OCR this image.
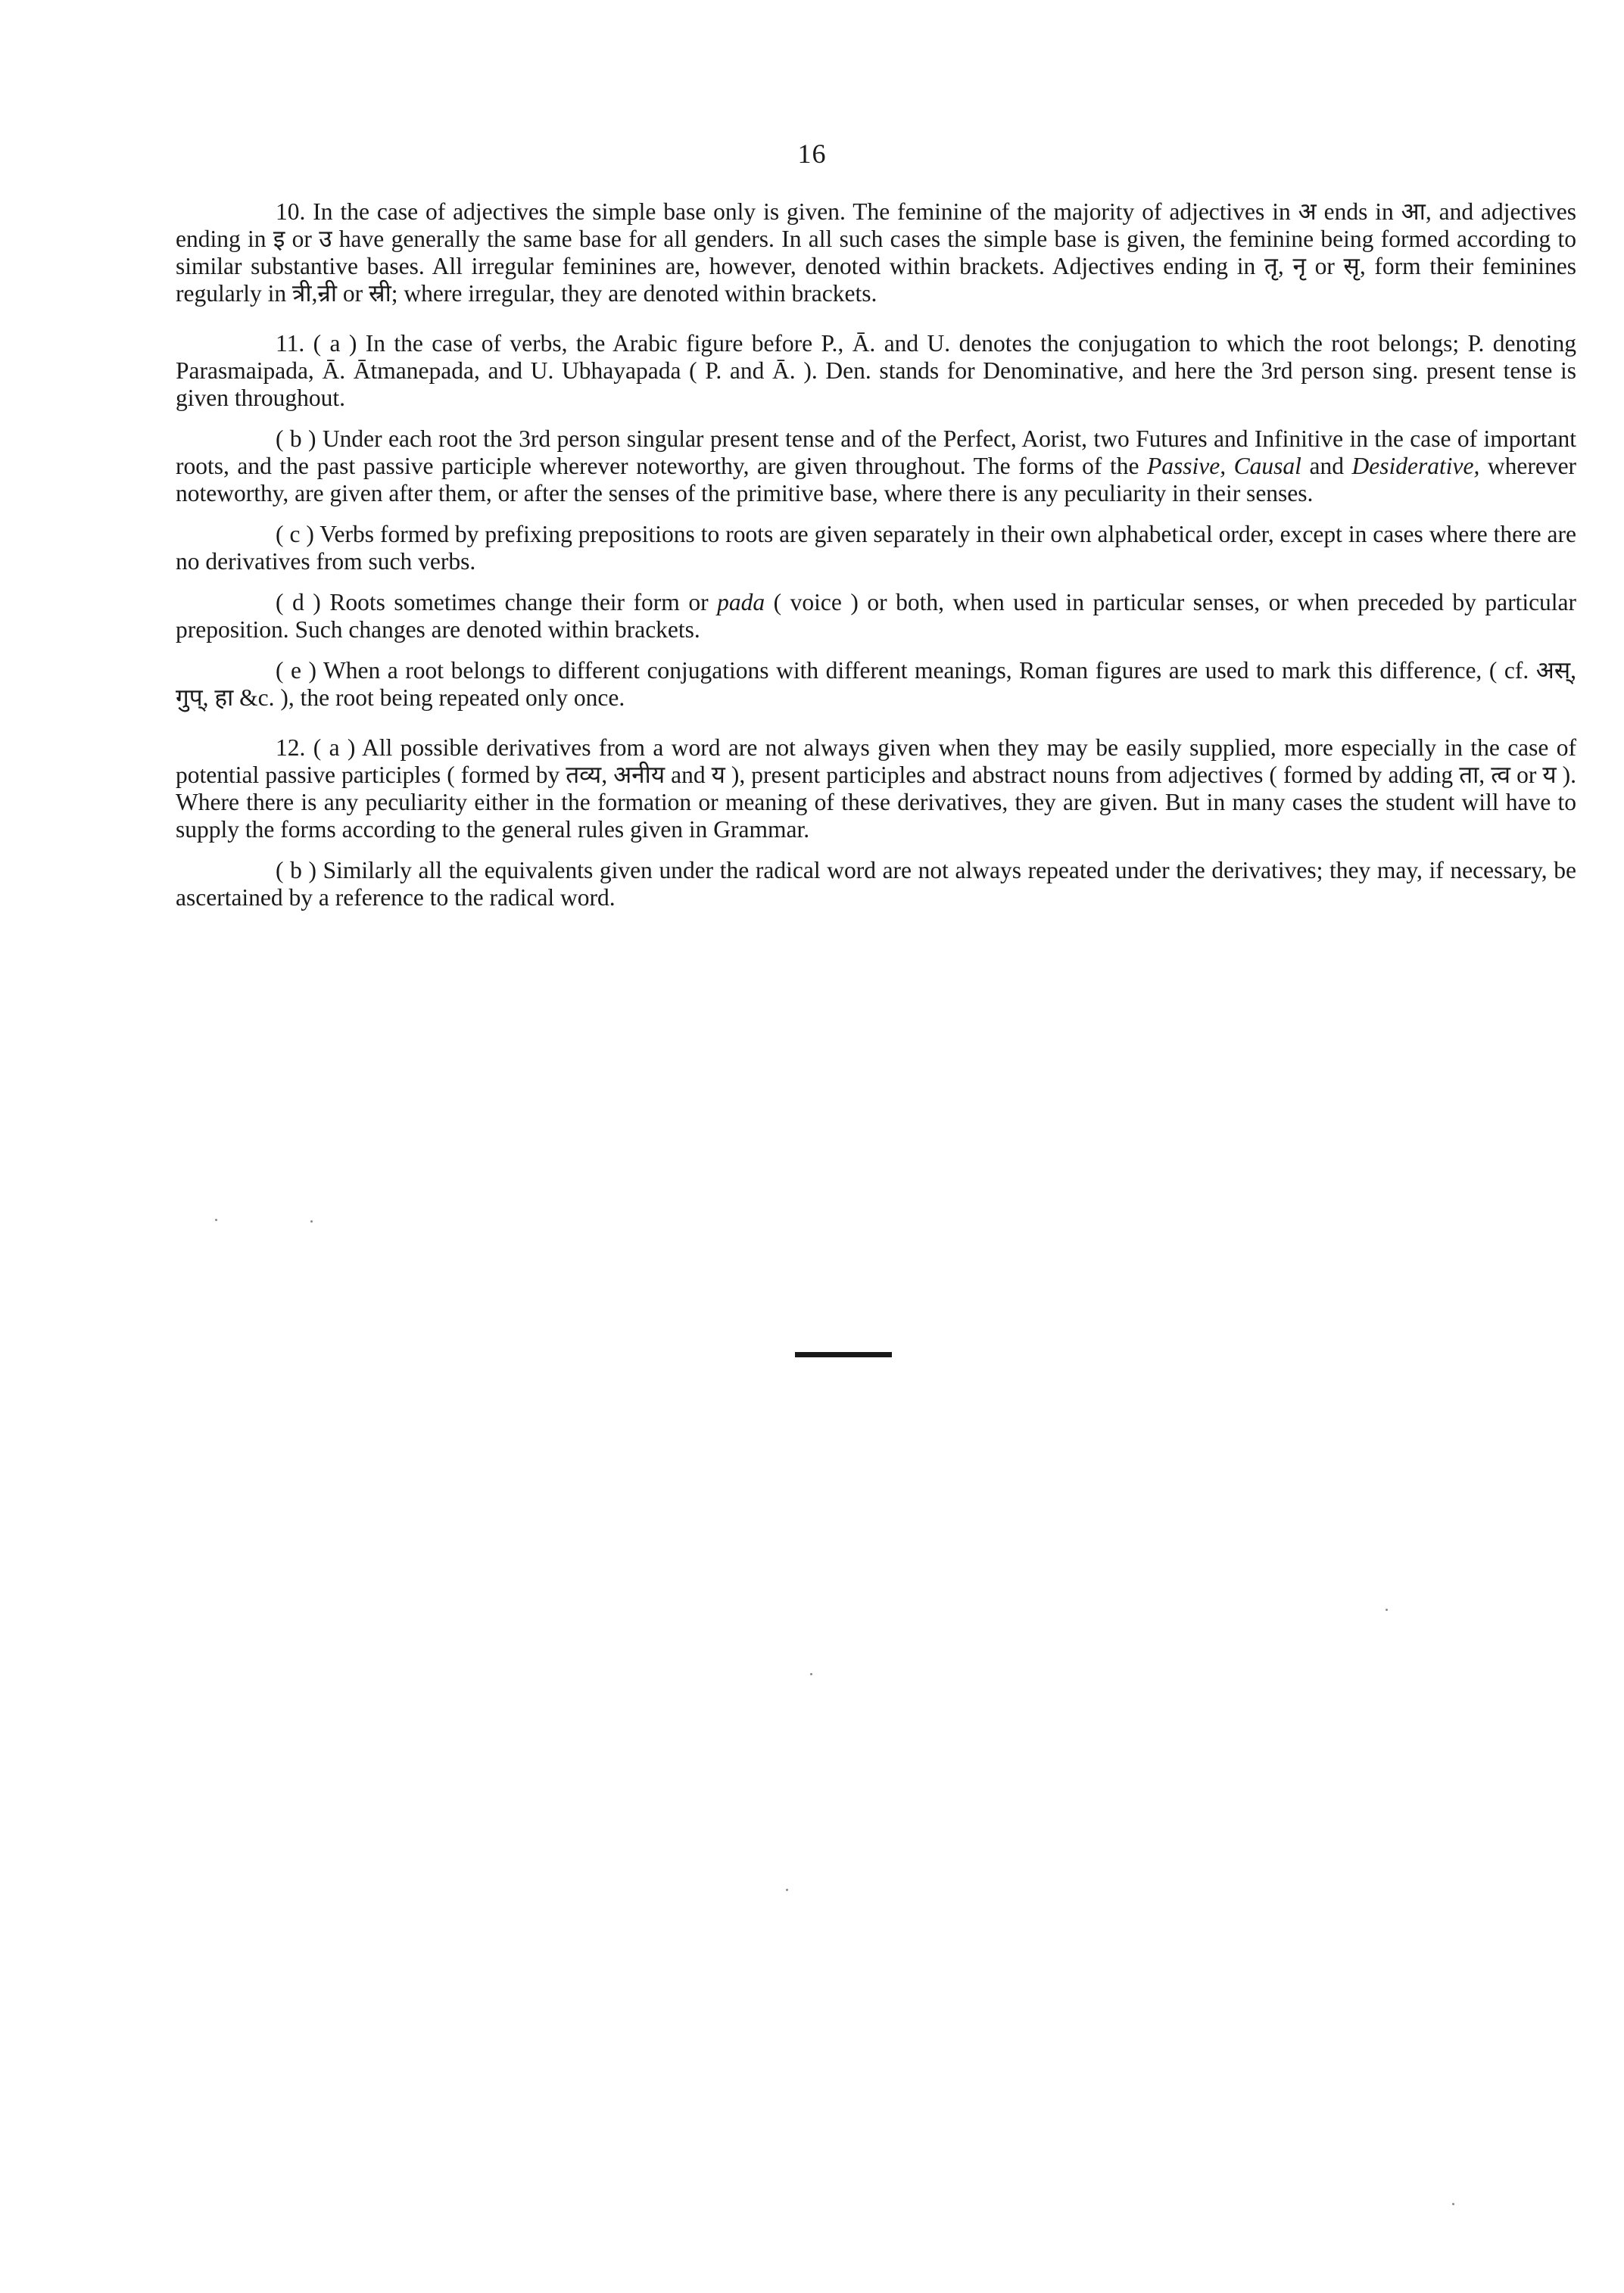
16

10. In the case of adjectives the simple base only is given. The feminine of the majority of adjectives in अ ends in आ, and adjectives ending in इ or उ have generally the same base for all genders. In all such cases the simple base is given, the feminine being formed according to similar substantive bases. All irregular feminines are, however, denoted within brackets. Adjectives ending in तृ, नृ or सृ, form their feminines regularly in त्री,न्री or स्री; where irregular, they are denoted within brackets.

11. ( a ) In the case of verbs, the Arabic figure before P., Ā. and U. denotes the conjugation to which the root belongs; P. denoting Parasmaipada, Ā. Ātmanepada, and U. Ubhayapada ( P. and Ā. ). Den. stands for Denominative, and here the 3rd person sing. present tense is given throughout.

( b ) Under each root the 3rd person singular present tense and of the Perfect, Aorist, two Futures and Infinitive in the case of important roots, and the past passive participle wherever noteworthy, are given throughout. The forms of the Passive, Causal and Desiderative, wherever noteworthy, are given after them, or after the senses of the primitive base, where there is any peculiarity in their senses.

( c ) Verbs formed by prefixing prepositions to roots are given separately in their own alphabetical order, except in cases where there are no derivatives from such verbs.

( d ) Roots sometimes change their form or pada ( voice ) or both, when used in particular senses, or when preceded by particular preposition. Such changes are denoted within brackets.

( e ) When a root belongs to different conjugations with different meanings, Roman figures are used to mark this difference, ( cf. अस्, गुप्, हा &c. ), the root being repeated only once.

12. ( a ) All possible derivatives from a word are not always given when they may be easily supplied, more especially in the case of potential passive participles ( formed by तव्य, अनीय and य ), present participles and abstract nouns from adjectives ( formed by adding ता, त्व or य ). Where there is any peculiarity either in the formation or meaning of these derivatives, they are given. But in many cases the student will have to supply the forms according to the general rules given in Grammar.

( b ) Similarly all the equivalents given under the radical word are not always repeated under the derivatives; they may, if necessary, be ascertained by a reference to the radical word.
